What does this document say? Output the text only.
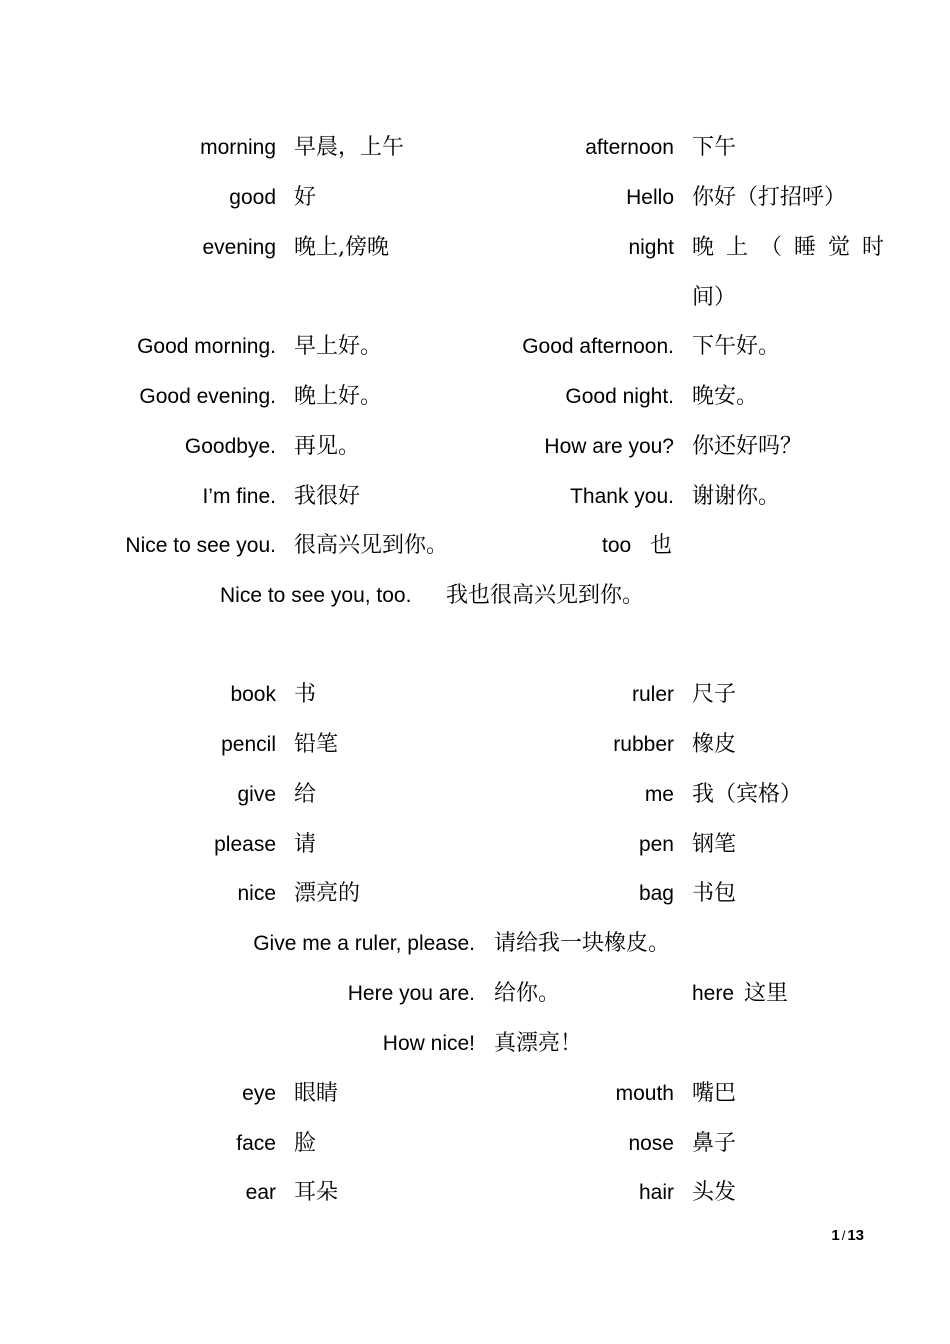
morning 早晨，上午	afternoon 下午
good 好	Hello 你好（打招呼）
evening 晚上,傍晚	night 晚上（睡觉时
间）
Good morning. 早上好。	Good afternoon. 下午好。
Good evening. 晚上好。	Good night. 晚安。
Goodbye. 再见。	How are you? 你还好吗？
I’m fine. 我很好	Thank you. 谢谢你。
Nice to see you. 很高兴见到你。	too 也
Nice to see you, too. 我也很高兴见到你。
book 书	ruler 尺子
pencil 铅笔	rubber 橡皮
give 给	me 我（宾格）
please 请	pen 钢笔
nice 漂亮的	bag 书包
Give me a ruler, please. 请给我一块橡皮。
Here you are. 给你。	here 这里
How nice! 真漂亮！
eye 眼睛	mouth 嘴巴
face 脸	nose 鼻子
ear 耳朵	hair 头发
1 / 13
